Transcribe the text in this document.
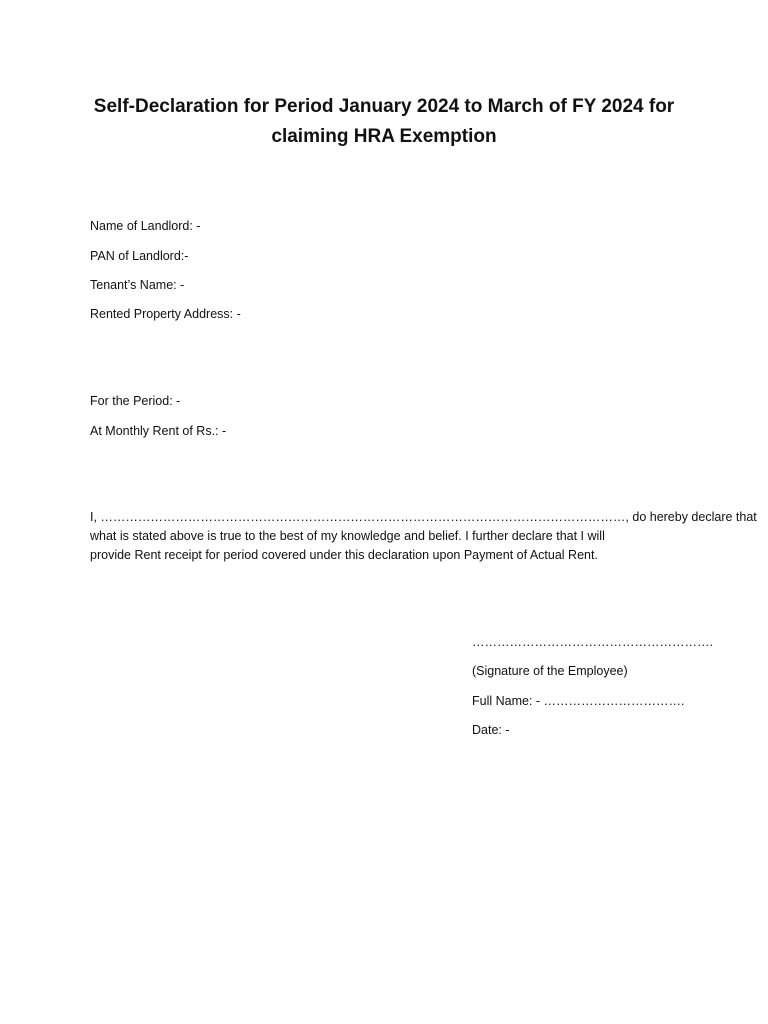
Self-Declaration for Period January 2024 to March of FY 2024 for
claiming HRA Exemption
Name of Landlord: -
PAN of Landlord:-
Tenant’s Name: -
Rented Property Address: -
For the Period: -
At Monthly Rent of Rs.: -
I, ………………………………………………………………………………………………………………, do hereby declare that
what is stated above is true to the best of my knowledge and belief. I further declare that I will
provide Rent receipt for period covered under this declaration upon Payment of Actual Rent.
………………………………………………….
(Signature of the Employee)
Full Name: - …………………………….
Date: -
